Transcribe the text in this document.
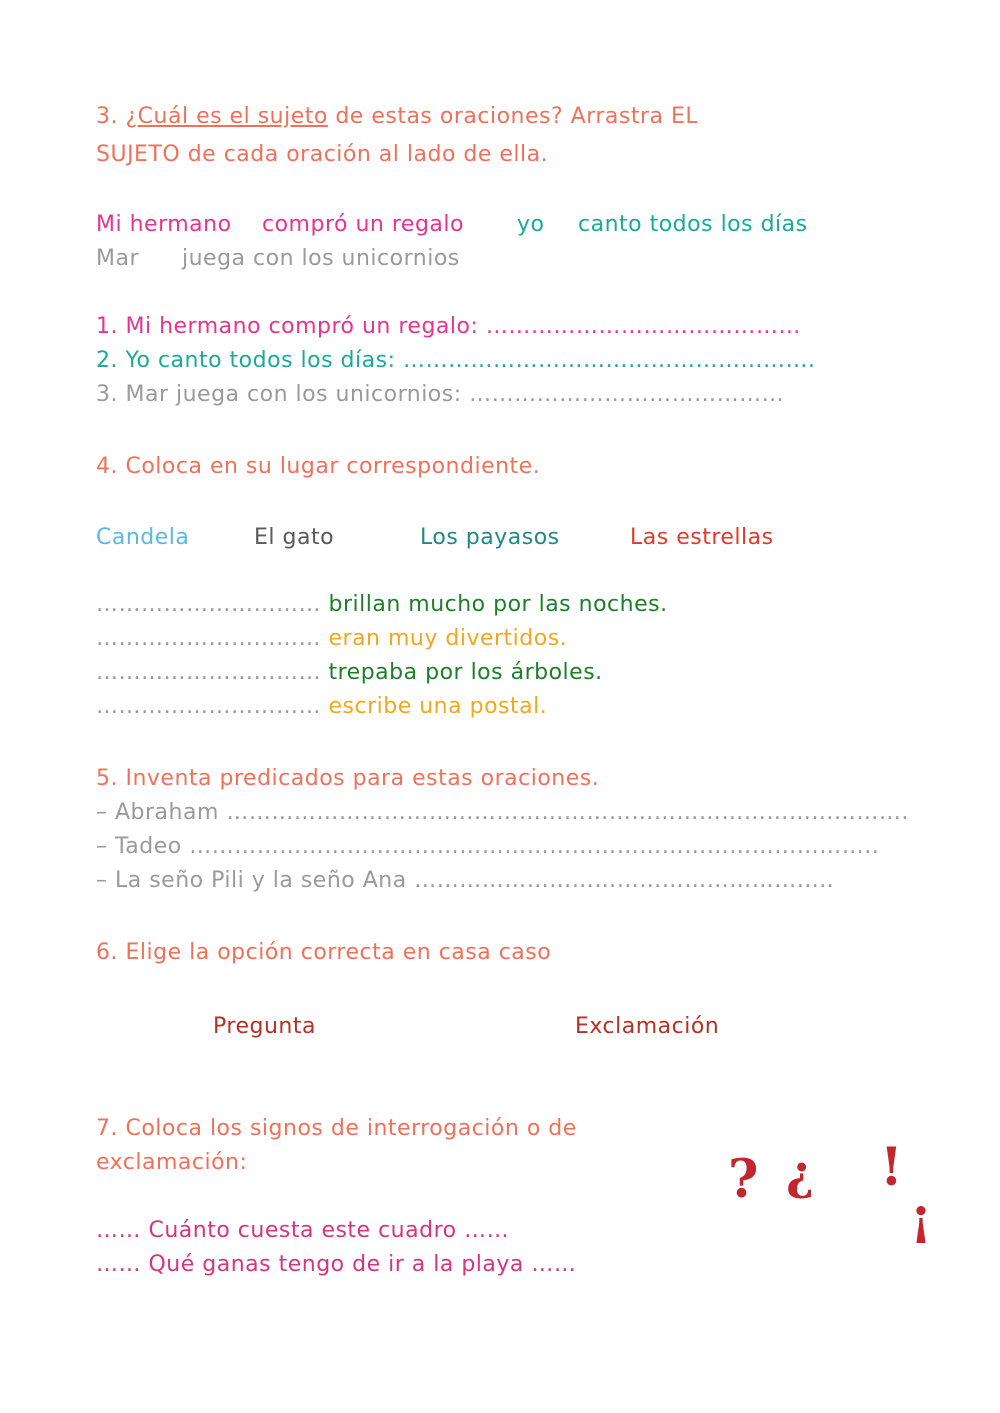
3. ¿Cuál es el sujeto de estas oraciones? Arrastra EL
SUJETO de cada oración al lado de ella.
Mi hermano compró un regalo yo canto todos los días
Mar juega con los unicornios
1. Mi hermano compró un regalo: ……………………………………
2. Yo canto todos los días: ……………………………………………….
3. Mar juega con los unicornios: ……………………………………
4. Coloca en su lugar correspondiente.
Candela	El gato	Los payasos	Las estrellas
………………………… brillan mucho por las noches.
………………………… eran muy divertidos.
………………………… trepaba por los árboles.
………………………… escribe una postal.
5. Inventa predicados para estas oraciones.
– Abraham ……………………………………………………………………………….
– Tadeo ………………………………………………………………………………..
– La seño Pili y la seño Ana ………………………………………………..
6. Elige la opción correcta en casa caso
Pregunta	Exclamación
7. Coloca los signos de interrogación o de
exclamación:
…… Cuánto cuesta este cuadro ……
…… Qué ganas tengo de ir a la playa ……
? ¿ !
¡
